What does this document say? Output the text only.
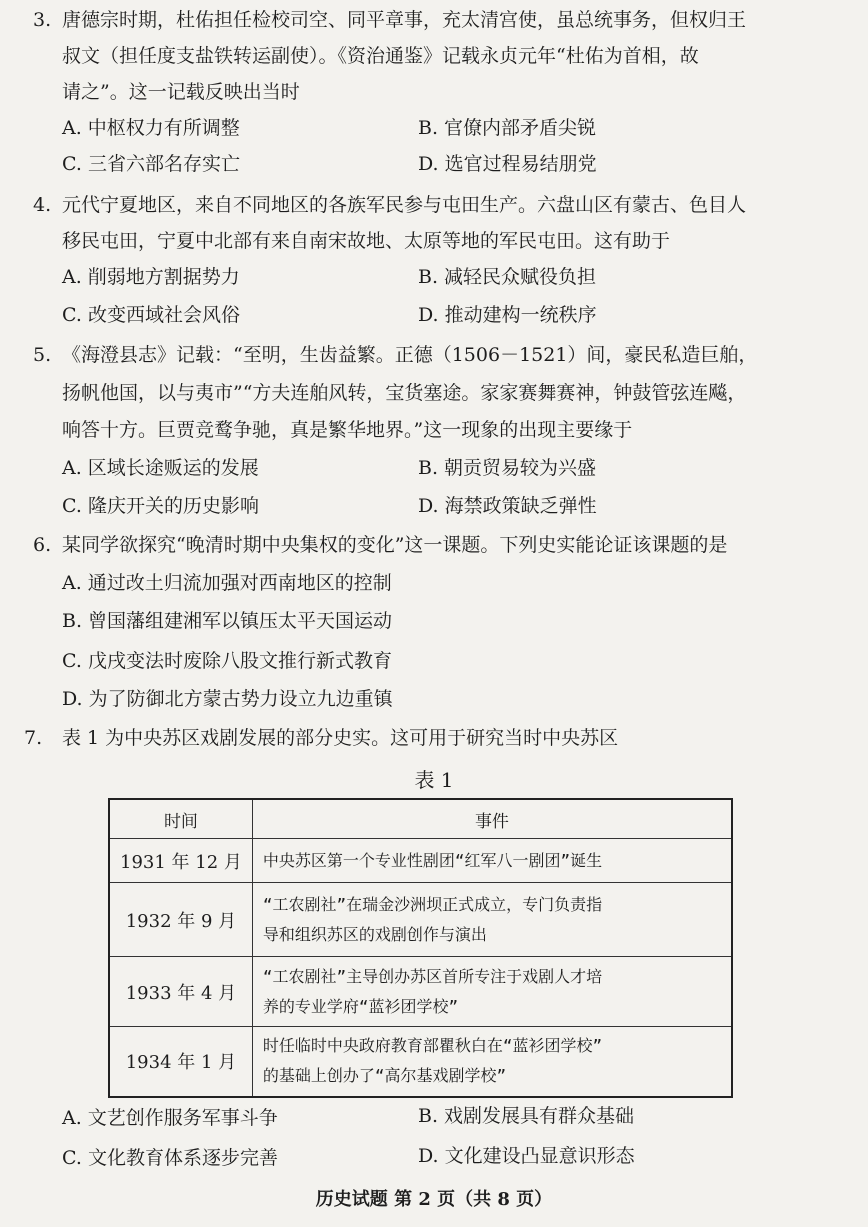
3. 唐德宗时期，杜佑担任检校司空、同平章事，充太清宫使，虽总统事务，但权归王
叔文（担任度支盐铁转运副使）。《资治通鉴》记载永贞元年“杜佑为首相，故
请之”。这一记载反映出当时
A. 中枢权力有所调整	B. 官僚内部矛盾尖锐
C. 三省六部名存实亡	D. 选官过程易结朋党
4. 元代宁夏地区，来自不同地区的各族军民参与屯田生产。六盘山区有蒙古、色目人
移民屯田，宁夏中北部有来自南宋故地、太原等地的军民屯田。这有助于
A. 削弱地方割据势力	B. 减轻民众赋役负担
C. 改变西域社会风俗	D. 推动建构一统秩序
5. 《海澄县志》记载：“至明，生齿益繁。正德（1506－1521）间，豪民私造巨舶，
扬帆他国，以与夷市”“方夫连舶风转，宝货塞途。家家赛舞赛神，钟鼓管弦连飚，
响答十方。巨贾竞鹜争驰，真是繁华地界。”这一现象的出现主要缘于
A. 区域长途贩运的发展	B. 朝贡贸易较为兴盛
C. 隆庆开关的历史影响	D. 海禁政策缺乏弹性
6. 某同学欲探究“晚清时期中央集权的变化”这一课题。下列史实能论证该课题的是
A. 通过改土归流加强对西南地区的控制
B. 曾国藩组建湘军以镇压太平天国运动
C. 戊戌变法时废除八股文推行新式教育
D. 为了防御北方蒙古势力设立九边重镇
7. 表 1 为中央苏区戏剧发展的部分史实。这可用于研究当时中央苏区
表 1
时间	事件
1931 年 12 月	中央苏区第一个专业性剧团“红军八一剧团”诞生

1932 年 9 月	“工农剧社”在瑞金沙洲坝正式成立，专门负责指
导和组织苏区的戏剧创作与演出

1933 年 4 月	“工农剧社”主导创办苏区首所专注于戏剧人才培
养的专业学府“蓝衫团学校”

1934 年 1 月	时任临时中央政府教育部瞿秋白在“蓝衫团学校”
的基础上创办了“高尔基戏剧学校”
A. 文艺创作服务军事斗争	B. 戏剧发展具有群众基础
C. 文化教育体系逐步完善	D. 文化建设凸显意识形态
历史试题 第 2 页（共 8 页）
